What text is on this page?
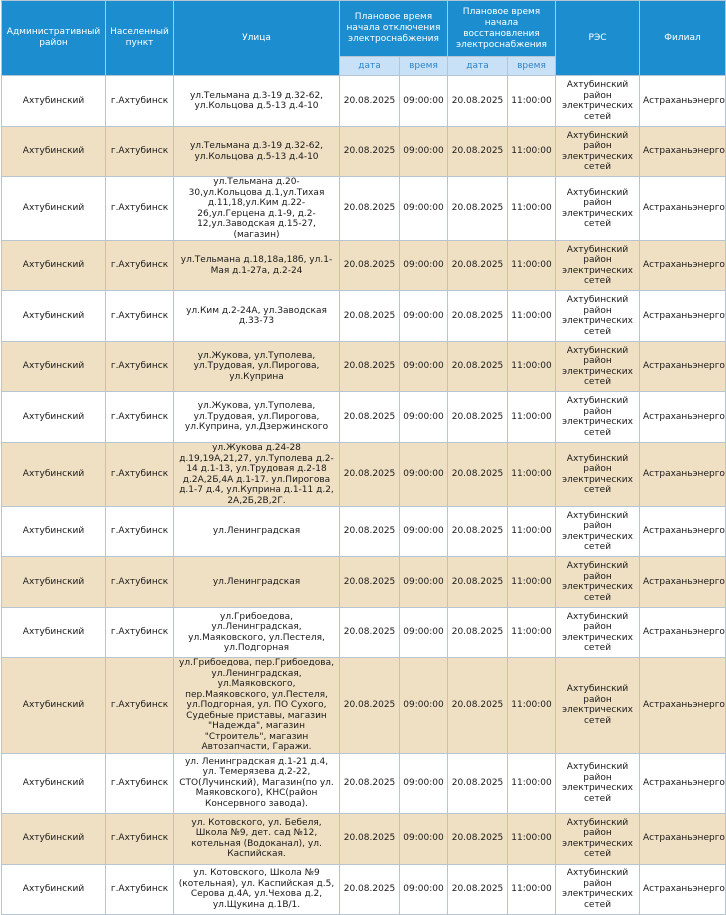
Административный район	Населенный пункт	Улица	Плановое время начала отключения электроснабжения		Плановое время начала восстановления электроснабжения		РЭС	Филиал
			дата	время	дата	время		
Ахтубинский	г.Ахтубинск	ул.Тельмана д.3-19 д.32-62, ул.Кольцова д.5-13 д.4-10	20.08.2025	09:00:00	20.08.2025	11:00:00	Ахтубинский район электрических сетей	Астраханьэнерго
Ахтубинский	г.Ахтубинск	ул.Тельмана д.3-19 д.32-62, ул.Кольцова д.5-13 д.4-10	20.08.2025	09:00:00	20.08.2025	11:00:00	Ахтубинский район электрических сетей	Астраханьэнерго
Ахтубинский	г.Ахтубинск	ул.Тельмана д.20-30,ул.Кольцова д.1,ул.Тихая д.11,18,ул.Ким д.22-26,ул.Герцена д.1-9, д.2-12,ул.Заводская д.15-27, (магазин)	20.08.2025	09:00:00	20.08.2025	11:00:00	Ахтубинский район электрических сетей	Астраханьэнерго
Ахтубинский	г.Ахтубинск	ул.Тельмана д.18,18а,18б, ул.1-Мая д.1-27а, д.2-24	20.08.2025	09:00:00	20.08.2025	11:00:00	Ахтубинский район электрических сетей	Астраханьэнерго
Ахтубинский	г.Ахтубинск	ул.Ким д.2-24А, ул.Заводская д.33-73	20.08.2025	09:00:00	20.08.2025	11:00:00	Ахтубинский район электрических сетей	Астраханьэнерго
Ахтубинский	г.Ахтубинск	ул.Жукова, ул.Туполева, ул.Трудовая, ул.Пирогова, ул.Куприна	20.08.2025	09:00:00	20.08.2025	11:00:00	Ахтубинский район электрических сетей	Астраханьэнерго
Ахтубинский	г.Ахтубинск	ул.Жукова, ул.Туполева, ул.Трудовая, ул.Пирогова, ул.Куприна, ул.Дзержинского	20.08.2025	09:00:00	20.08.2025	11:00:00	Ахтубинский район электрических сетей	Астраханьэнерго
Ахтубинский	г.Ахтубинск	ул.Жукова д.24-28 д.19,19А,21,27, ул.Туполева д.2-14 д.1-13, ул.Трудовая д.2-18 д.2А,2Б,4А д.1-17. ул.Пирогова д.1-7 д.4, ул.Куприна д.1-11 д.2, 2А,2Б,2В,2Г.	20.08.2025	09:00:00	20.08.2025	11:00:00	Ахтубинский район электрических сетей	Астраханьэнерго
Ахтубинский	г.Ахтубинск	ул.Ленинградская	20.08.2025	09:00:00	20.08.2025	11:00:00	Ахтубинский район электрических сетей	Астраханьэнерго
Ахтубинский	г.Ахтубинск	ул.Ленинградская	20.08.2025	09:00:00	20.08.2025	11:00:00	Ахтубинский район электрических сетей	Астраханьэнерго
Ахтубинский	г.Ахтубинск	ул.Грибоедова, ул.Ленинградская, ул.Маяковского, ул.Пестеля, ул.Подгорная	20.08.2025	09:00:00	20.08.2025	11:00:00	Ахтубинский район электрических сетей	Астраханьэнерго
Ахтубинский	г.Ахтубинск	ул.Грибоедова, пер.Грибоедова, ул.Ленинградская, ул.Маяковского, пер.Маяковского, ул.Пестеля, ул.Подгорная, ул. ПО Сухого, Судебные приставы, магазин "Надежда", магазин "Строитель", магазин Автозапчасти, Гаражи.	20.08.2025	09:00:00	20.08.2025	11:00:00	Ахтубинский район электрических сетей	Астраханьэнерго
Ахтубинский	г.Ахтубинск	ул. Ленинградская д.1-21 д.4, ул. Темерязева д.2-22, СТО(Лучинский), Магазин(по ул. Маяковского), КНС(район Консервного завода).	20.08.2025	09:00:00	20.08.2025	11:00:00	Ахтубинский район электрических сетей	Астраханьэнерго
Ахтубинский	г.Ахтубинск	ул. Котовского, ул. Бебеля, Школа №9, дет. сад №12, котельная (Водоканал), ул. Каспийская.	20.08.2025	09:00:00	20.08.2025	11:00:00	Ахтубинский район электрических сетей	Астраханьэнерго
Ахтубинский	г.Ахтубинск	ул. Котовского, Школа №9 (котельная), ул. Каспийская д.5, Серова д.4А, ул.Чехова д.2, ул.Щукина д.1В/1.	20.08.2025	09:00:00	20.08.2025	11:00:00	Ахтубинский район электрических сетей	Астраханьэнерго
